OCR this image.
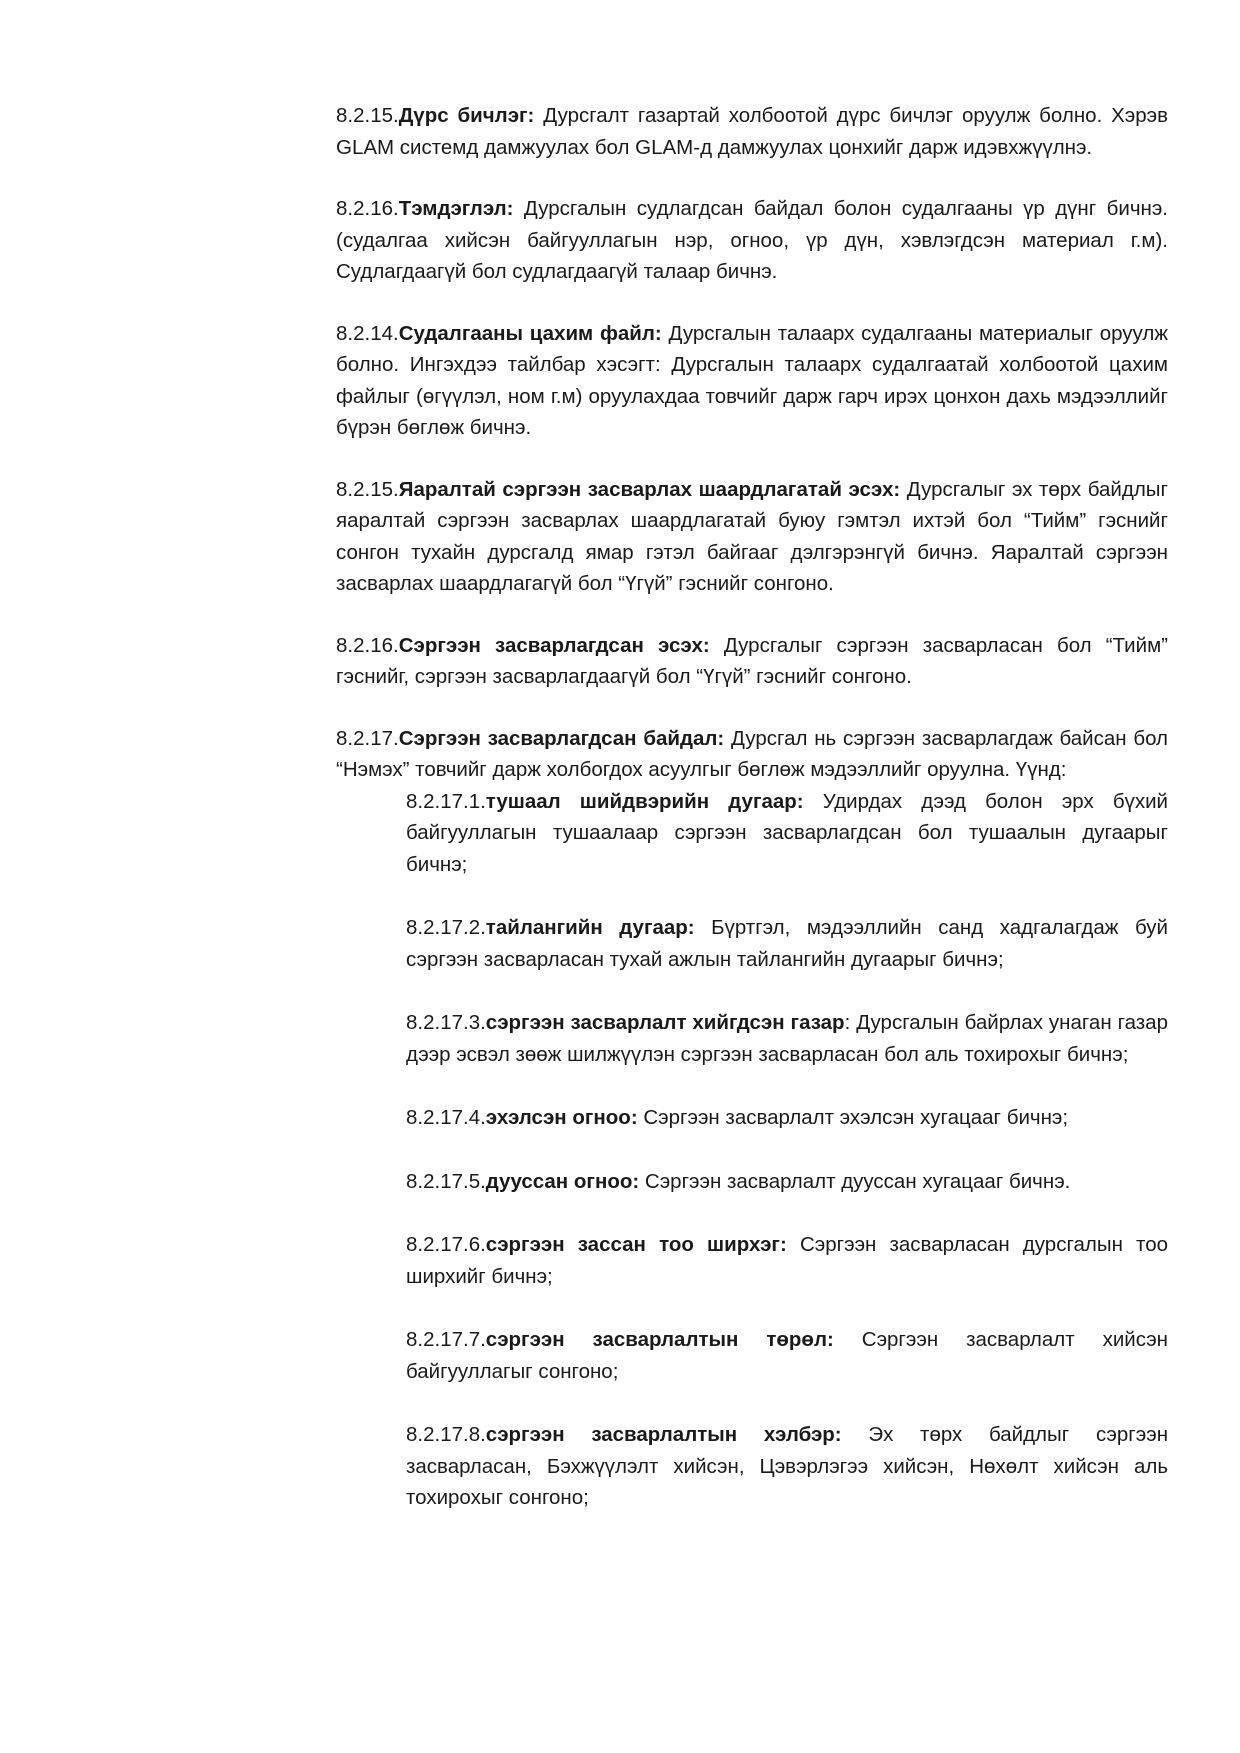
8.2.15.Дүрс бичлэг: Дурсгалт газартай холбоотой дүрс бичлэг оруулж болно. Хэрэв GLAM системд дамжуулах бол GLAM-д дамжуулах цонхийг дарж идэвхжүүлнэ.

8.2.16.Тэмдэглэл: Дурсгалын судлагдсан байдал болон судалгааны үр дүнг бичнэ. (судалгаа хийсэн байгууллагын нэр, огноо, үр дүн, хэвлэгдсэн материал г.м). Судлагдаагүй бол судлагдаагүй талаар бичнэ.

8.2.14.Судалгааны цахим файл: Дурсгалын талаарх судалгааны материалыг оруулж болно. Ингэхдээ тайлбар хэсэгт: Дурсгалын талаарх судалгаатай холбоотой цахим файлыг (өгүүлэл, ном г.м) оруулахдаа товчийг дарж гарч ирэх цонхон дахь мэдээллийг бүрэн бөглөж бичнэ.

8.2.15.Яаралтай сэргээн засварлах шаардлагатай эсэх: Дурсгалыг эх төрх байдлыг яаралтай сэргээн засварлах шаардлагатай буюу гэмтэл ихтэй бол “Тийм” гэснийг сонгон тухайн дурсгалд ямар гэтэл байгааг дэлгэрэнгүй бичнэ. Яаралтай сэргээн засварлах шаардлагагүй бол “Үгүй” гэснийг сонгоно.

8.2.16.Сэргээн засварлагдсан эсэх: Дурсгалыг сэргээн засварласан бол “Тийм” гэснийг, сэргээн засварлагдаагүй бол “Үгүй” гэснийг сонгоно.

8.2.17.Сэргээн засварлагдсан байдал: Дурсгал нь сэргээн засварлагдаж байсан бол “Нэмэх” товчийг дарж холбогдох асуулгыг бөглөж мэдээллийг оруулна. Үүнд:

8.2.17.1.тушаал шийдвэрийн дугаар: Удирдах дээд болон эрх бүхий байгууллагын тушаалаар сэргээн засварлагдсан бол тушаалын дугаарыг бичнэ;

8.2.17.2.тайлангийн дугаар: Бүртгэл, мэдээллийн санд хадгалагдаж буй сэргээн засварласан тухай ажлын тайлангийн дугаарыг бичнэ;

8.2.17.3.сэргээн засварлалт хийгдсэн газар: Дурсгалын байрлах унаган газар дээр эсвэл зөөж шилжүүлэн сэргээн засварласан бол аль тохирохыг бичнэ;

8.2.17.4.эхэлсэн огноо: Сэргээн засварлалт эхэлсэн хугацааг бичнэ;

8.2.17.5.дууссан огноо: Сэргээн засварлалт дууссан хугацааг бичнэ.

8.2.17.6.сэргээн зассан тоо ширхэг: Сэргээн засварласан дурсгалын тоо ширхийг бичнэ;

8.2.17.7.сэргээн засварлалтын төрөл: Сэргээн засварлалт хийсэн байгууллагыг сонгоно;

8.2.17.8.сэргээн засварлалтын хэлбэр: Эх төрх байдлыг сэргээн засварласан, Бэхжүүлэлт хийсэн, Цэвэрлэгээ хийсэн, Нөхөлт хийсэн аль тохирохыг сонгоно;
